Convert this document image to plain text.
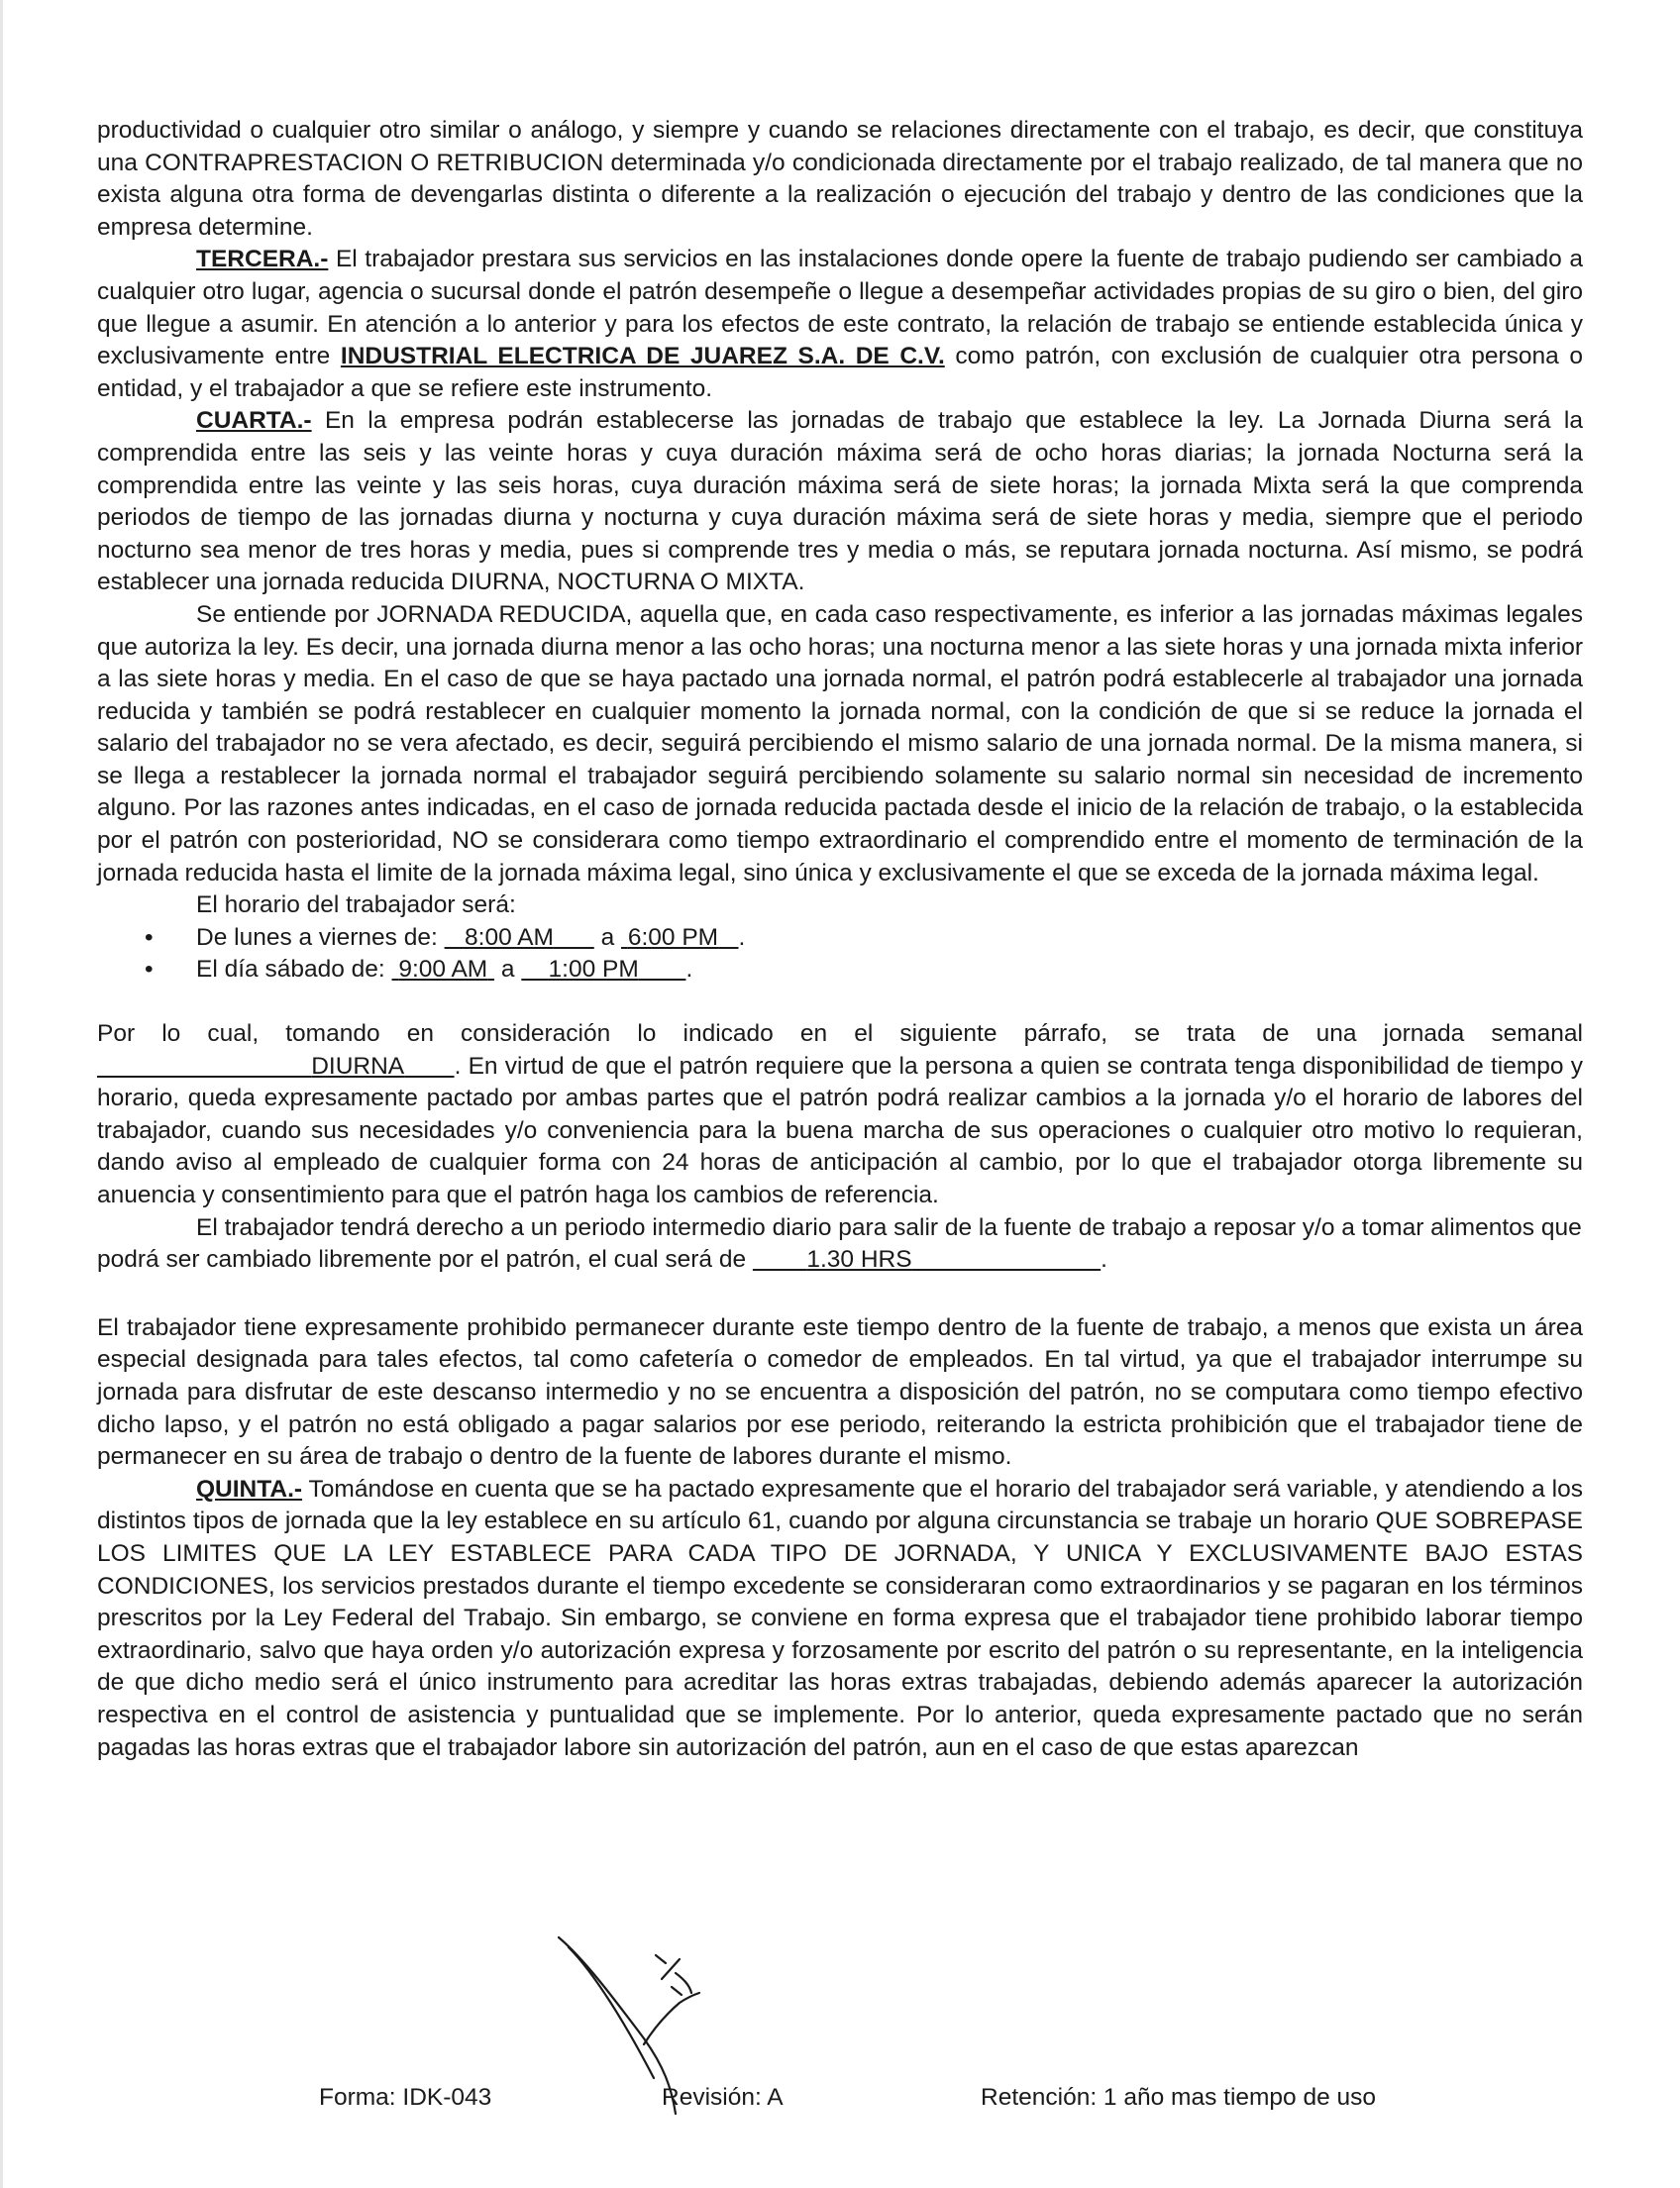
productividad o cualquier otro similar o análogo, y siempre y cuando se relaciones directamente con el trabajo, es decir, que constituya una CONTRAPRESTACION O RETRIBUCION determinada y/o condicionada directamente por el trabajo realizado, de tal manera que no exista alguna otra forma de devengarlas distinta o diferente a la realización o ejecución del trabajo y dentro de las condiciones que la empresa determine.

TERCERA.- El trabajador prestara sus servicios en las instalaciones donde opere la fuente de trabajo pudiendo ser cambiado a cualquier otro lugar, agencia o sucursal donde el patrón desempeñe o llegue a desempeñar actividades propias de su giro o bien, del giro que llegue a asumir. En atención a lo anterior y para los efectos de este contrato, la relación de trabajo se entiende establecida única y exclusivamente entre INDUSTRIAL ELECTRICA DE JUAREZ S.A. DE C.V. como patrón, con exclusión de cualquier otra persona o entidad, y el trabajador a que se refiere este instrumento.

CUARTA.- En la empresa podrán establecerse las jornadas de trabajo que establece la ley. La Jornada Diurna será la comprendida entre las seis y las veinte horas y cuya duración máxima será de ocho horas diarias; la jornada Nocturna será la comprendida entre las veinte y las seis horas, cuya duración máxima será de siete horas; la jornada Mixta será la que comprenda periodos de tiempo de las jornadas diurna y nocturna y cuya duración máxima será de siete horas y media, siempre que el periodo nocturno sea menor de tres horas y media, pues si comprende tres y media o más, se reputara jornada nocturna. Así mismo, se podrá establecer una jornada reducida DIURNA, NOCTURNA O MIXTA.

Se entiende por JORNADA REDUCIDA, aquella que, en cada caso respectivamente, es inferior a las jornadas máximas legales que autoriza la ley. Es decir, una jornada diurna menor a las ocho horas; una nocturna menor a las siete horas y una jornada mixta inferior a las siete horas y media. En el caso de que se haya pactado una jornada normal, el patrón podrá establecerle al trabajador una jornada reducida y también se podrá restablecer en cualquier momento la jornada normal, con la condición de que si se reduce la jornada el salario del trabajador no se vera afectado, es decir, seguirá percibiendo el mismo salario de una jornada normal. De la misma manera, si se llega a restablecer la jornada normal el trabajador seguirá percibiendo solamente su salario normal sin necesidad de incremento alguno. Por las razones antes indicadas, en el caso de jornada reducida pactada desde el inicio de la relación de trabajo, o la establecida por el patrón con posterioridad, NO se considerara como tiempo extraordinario el comprendido entre el momento de terminación de la jornada reducida hasta el limite de la jornada máxima legal, sino única y exclusivamente el que se exceda de la jornada máxima legal.

El horario del trabajador será:

• De lunes a viernes de: 8:00 AM a 6:00 PM .
• El día sábado de: 9:00 AM a 1:00 PM .

Por lo cual, tomando en consideración lo indicado en el siguiente párrafo, se trata de una jornada semanal                               DIURNA . En virtud de que el patrón requiere que la persona a quien se contrata tenga disponibilidad de tiempo y horario, queda expresamente pactado por ambas partes que el patrón podrá realizar cambios a la jornada y/o el horario de labores del trabajador, cuando sus necesidades y/o conveniencia para la buena marcha de sus operaciones o cualquier otro motivo lo requieran, dando aviso al empleado de cualquier forma con 24 horas de anticipación al cambio, por lo que el trabajador otorga libremente su anuencia y consentimiento para que el patrón haga los cambios de referencia.

El trabajador tendrá derecho a un periodo intermedio diario para salir de la fuente de trabajo a reposar y/o a tomar alimentos que podrá ser cambiado libremente por el patrón, el cual será de         1.30 HRS	.

El trabajador tiene expresamente prohibido permanecer durante este tiempo dentro de la fuente de trabajo, a menos que exista un área especial designada para tales efectos, tal como cafetería o comedor de empleados. En tal virtud, ya que el trabajador interrumpe su jornada para disfrutar de este descanso intermedio y no se encuentra a disposición del patrón, no se computara como tiempo efectivo dicho lapso, y el patrón no está obligado a pagar salarios por ese periodo, reiterando la estricta prohibición que el trabajador tiene de permanecer en su área de trabajo o dentro de la fuente de labores durante el mismo.

QUINTA.- Tomándose en cuenta que se ha pactado expresamente que el horario del trabajador será variable, y atendiendo a los distintos tipos de jornada que la ley establece en su artículo 61, cuando por alguna circunstancia se trabaje un horario QUE SOBREPASE LOS LIMITES QUE LA LEY ESTABLECE PARA CADA TIPO DE JORNADA, Y UNICA Y EXCLUSIVAMENTE BAJO ESTAS CONDICIONES, los servicios prestados durante el tiempo excedente se consideraran como extraordinarios y se pagaran en los términos prescritos por la Ley Federal del Trabajo. Sin embargo, se conviene en forma expresa que el trabajador tiene prohibido laborar tiempo extraordinario, salvo que haya orden y/o autorización expresa y forzosamente por escrito del patrón o su representante, en la inteligencia de que dicho medio será el único instrumento para acreditar las horas extras trabajadas, debiendo además aparecer la autorización respectiva en el control de asistencia y puntualidad que se implemente. Por lo anterior, queda expresamente pactado que no serán pagadas las horas extras que el trabajador labore sin autorización del patrón, aun en el caso de que estas aparezcan

Forma: IDK-043	Revisión: A	Retención: 1 año mas tiempo de uso
